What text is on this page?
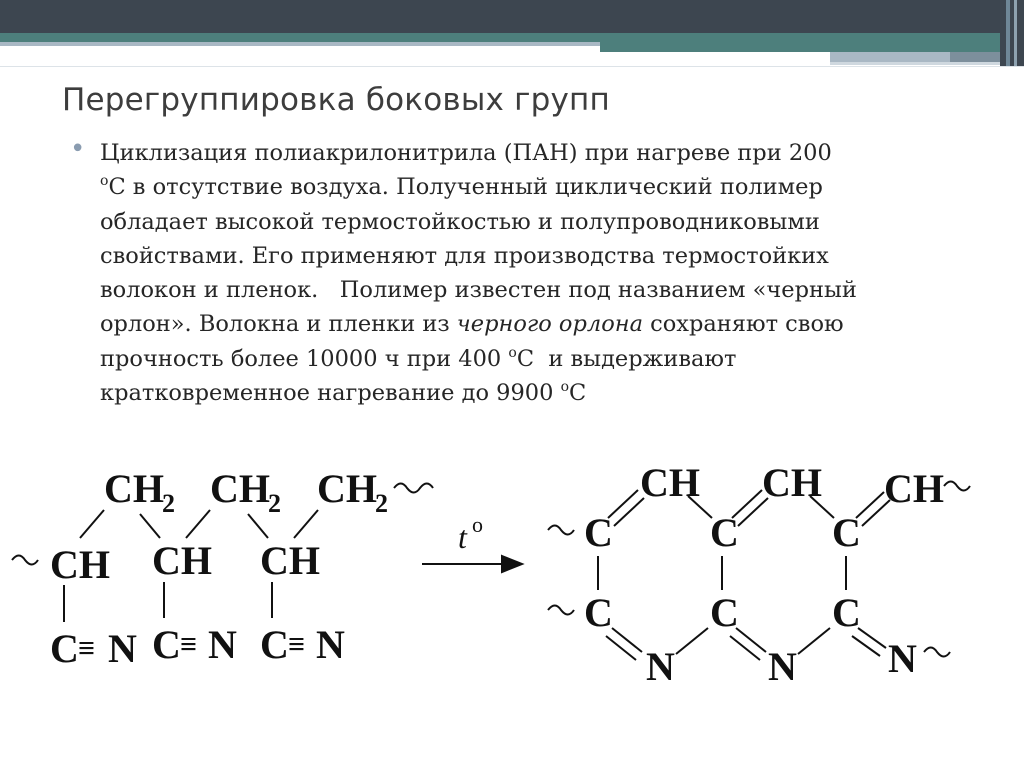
Перегруппировка боковых групп
• Циклизация полиакрилонитрила (ПАН) при нагреве при 200
$^о$С в отсутствие воздуха. Полученный циклический полимер
обладает высокой термостойкостью и полупроводниковыми
свойствами. Его применяют для производства термостойких
волокон и пленок.   Полимер известен под названием «черный
орлон». Волокна и пленки из черного орлона сохраняют свою
прочность более 10000 ч при 400 $^о$С  и выдерживают
кратковременное нагревание до 9900 $^о$С
CH
2 CH
2 CH
2
CH CH CH
C ≡ N C ≡ N C ≡ N
t o
CH CH CH
C C C
C C C
N N N
